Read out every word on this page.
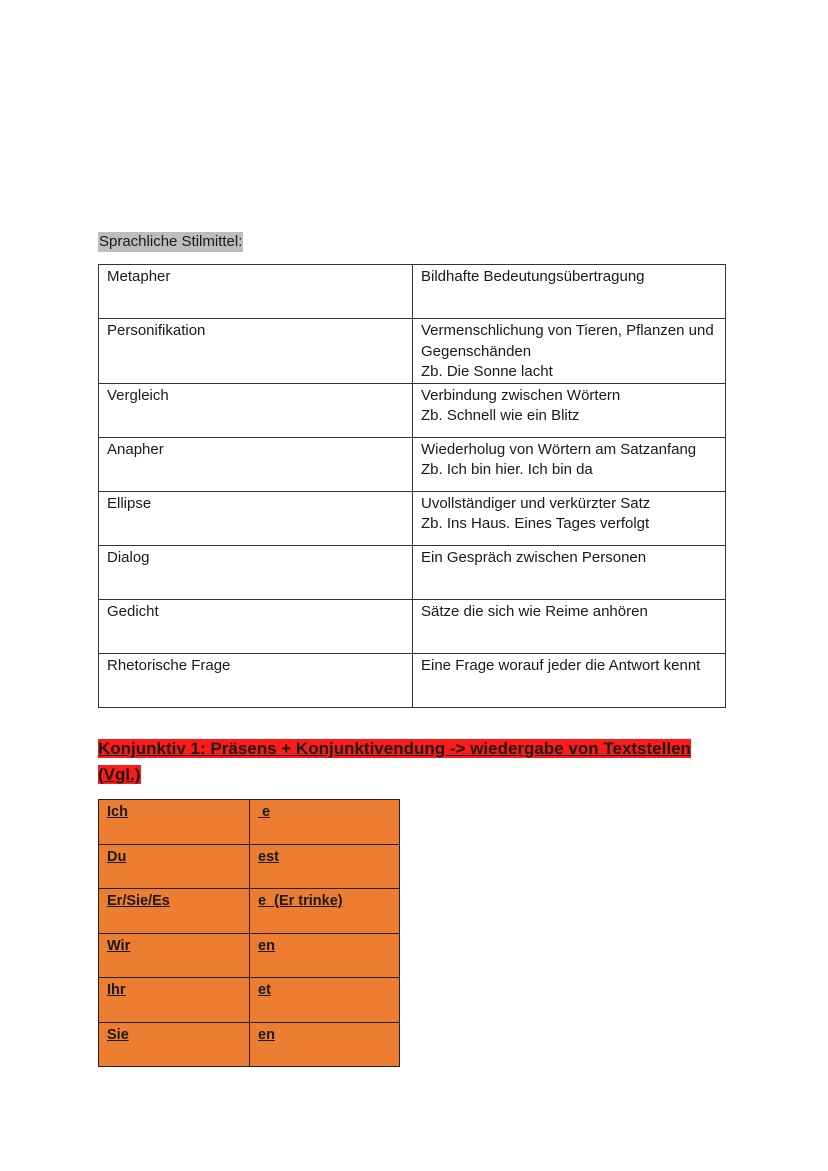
Sprachliche Stilmittel:
Metapher	Bildhafte Bedeutungsübertragung
Personifikation	Vermenschlichung von Tieren, Pflanzen und
Gegenschänden
Zb. Die Sonne lacht
Vergleich	Verbindung zwischen Wörtern
Zb. Schnell wie ein Blitz
Anapher	Wiederholug von Wörtern am Satzanfang
Zb. Ich bin hier. Ich bin da
Ellipse	Uvollständiger und verkürzter Satz
Zb. Ins Haus. Eines Tages verfolgt
Dialog	Ein Gespräch zwischen Personen
Gedicht	Sätze die sich wie Reime anhören
Rhetorische Frage	Eine Frage worauf jeder die Antwort kennt
Konjunktiv 1: Präsens + Konjunktivendung -> wiedergabe von Textstellen (Vgl.)
Ich	e
Du	est
Er/Sie/Es	e  (Er trinke)
Wir	en
Ihr	et
Sie	en
